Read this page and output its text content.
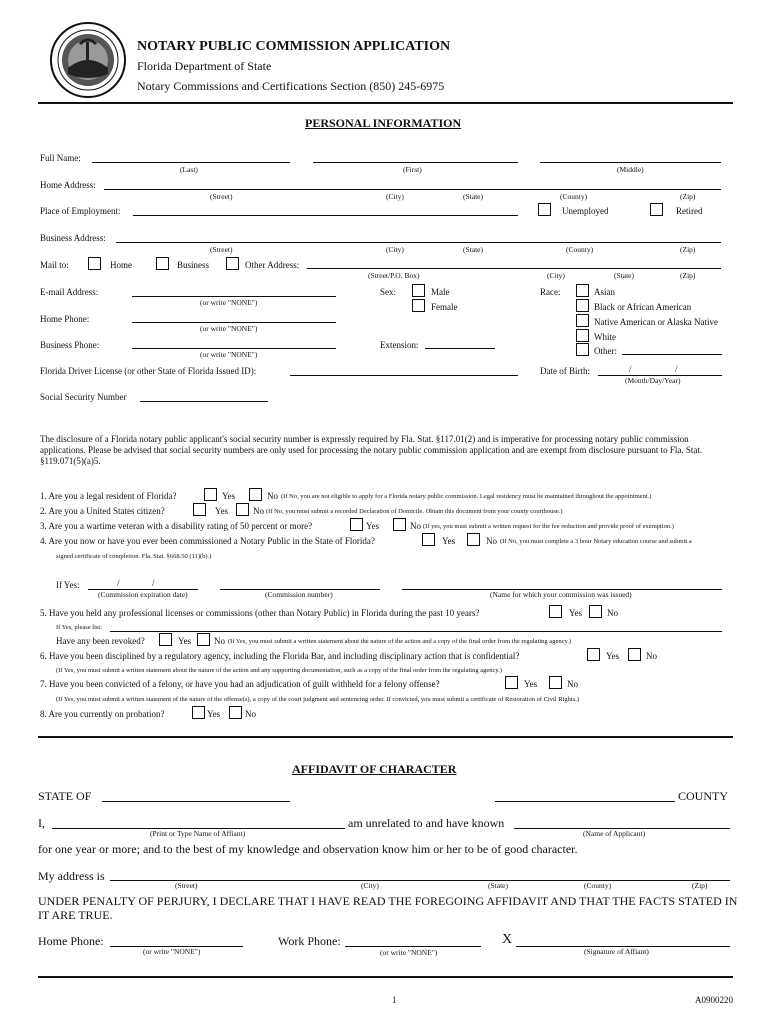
NOTARY PUBLIC COMMISSION APPLICATION
Florida Department of State
Notary Commissions and Certifications Section (850) 245-6975
PERSONAL INFORMATION
Full Name:
(Last)	(First)	(Middle)
Home Address:
(Street)	(City)	(State)	(County)	(Zip)
Place of Employment:	Unemployed	Retired
Business Address:
(Street)	(City)	(State)	(County)	(Zip)
Mail to:	Home	Business	Other Address:
(Street/P.O. Box)	(City)	(State)	(Zip)
E-mail Address:
(or write "NONE")
Sex:	Male
Female
Race:	Asian
Black or African American
Native American or Alaska Native
White
Other:
Home Phone:
(or write "NONE")
Business Phone:
(or write "NONE")
Extension:
Florida Driver License (or other State of Florida Issued ID):	Date of Birth:	/	/
(Month/Day/Year)
Social Security Number
The disclosure of a Florida notary public applicant's social security number is expressly required by Fla. Stat. §117.01(2) and is imperative for processing notary public commission applications. Please be advised that social security numbers are only used for processing the notary public commission application and are exempt from disclosure pursuant to Fla. Stat. §119.071(5)(a)5.
1. Are you a legal resident of Florida?	Yes	No (If No, you are not eligible to apply for a Florida notary public commission. Legal residency must be maintained throughout the appointment.)
2. Are you a United States citizen?	Yes	No (If No, you must submit a recorded Declaration of Domicile. Obtain this document from your county courthouse.)
3. Are you a wartime veteran with a disability rating of 50 percent or more?	Yes	No (If yes, you must submit a written request for the fee reduction and provide proof of exemption.)
4. Are you now or have you ever been commissioned a Notary Public in the State of Florida?	Yes	No (If No, you must complete a 3 hour Notary education course and submit a
signed certificate of completion. Fla. Stat. §668.50 (11)(b).)
If Yes:	/	/
(Commission expiration date)	(Commission number)	(Name for which your commission was issued)
5. Have you held any professional licenses or commissions (other than Notary Public) in Florida during the past 10 years?	Yes	No
If Yes, please list:
Have any been revoked?	Yes	No (If Yes, you must submit a written statement about the nature of the action and a copy of the final order from the regulating agency.)
6. Have you been disciplined by a regulatory agency, including the Florida Bar, and including disciplinary action that is confidential?	Yes	No
(If Yes, you must submit a written statement about the nature of the action and any supporting documentation, such as a copy of the final order from the regulating agency.)
7. Have you been convicted of a felony, or have you had an adjudication of guilt withheld for a felony offense?	Yes	No
(If Yes, you must submit a written statement of the nature of the offense(s), a copy of the court judgment and sentencing order. If convicted, you must submit a certificate of Restoration of Civil Rights.)
8. Are you currently on probation?	Yes	No
AFFIDAVIT OF CHARACTER
STATE OF	COUNTY
I,	am unrelated to and have known
(Print or Type Name of Affiant)	(Name of Applicant)
for one year or more; and to the best of my knowledge and observation know him or her to be of good character.
My address is
(Street)	(City)	(State)	(County)	(Zip)
UNDER PENALTY OF PERJURY, I DECLARE THAT I HAVE READ THE FOREGOING AFFIDAVIT AND THAT THE FACTS STATED IN IT ARE TRUE.
Home Phone:
(or write "NONE")
Work Phone:
(or write "NONE")
X
(Signature of Affiant)
1	A0900220
